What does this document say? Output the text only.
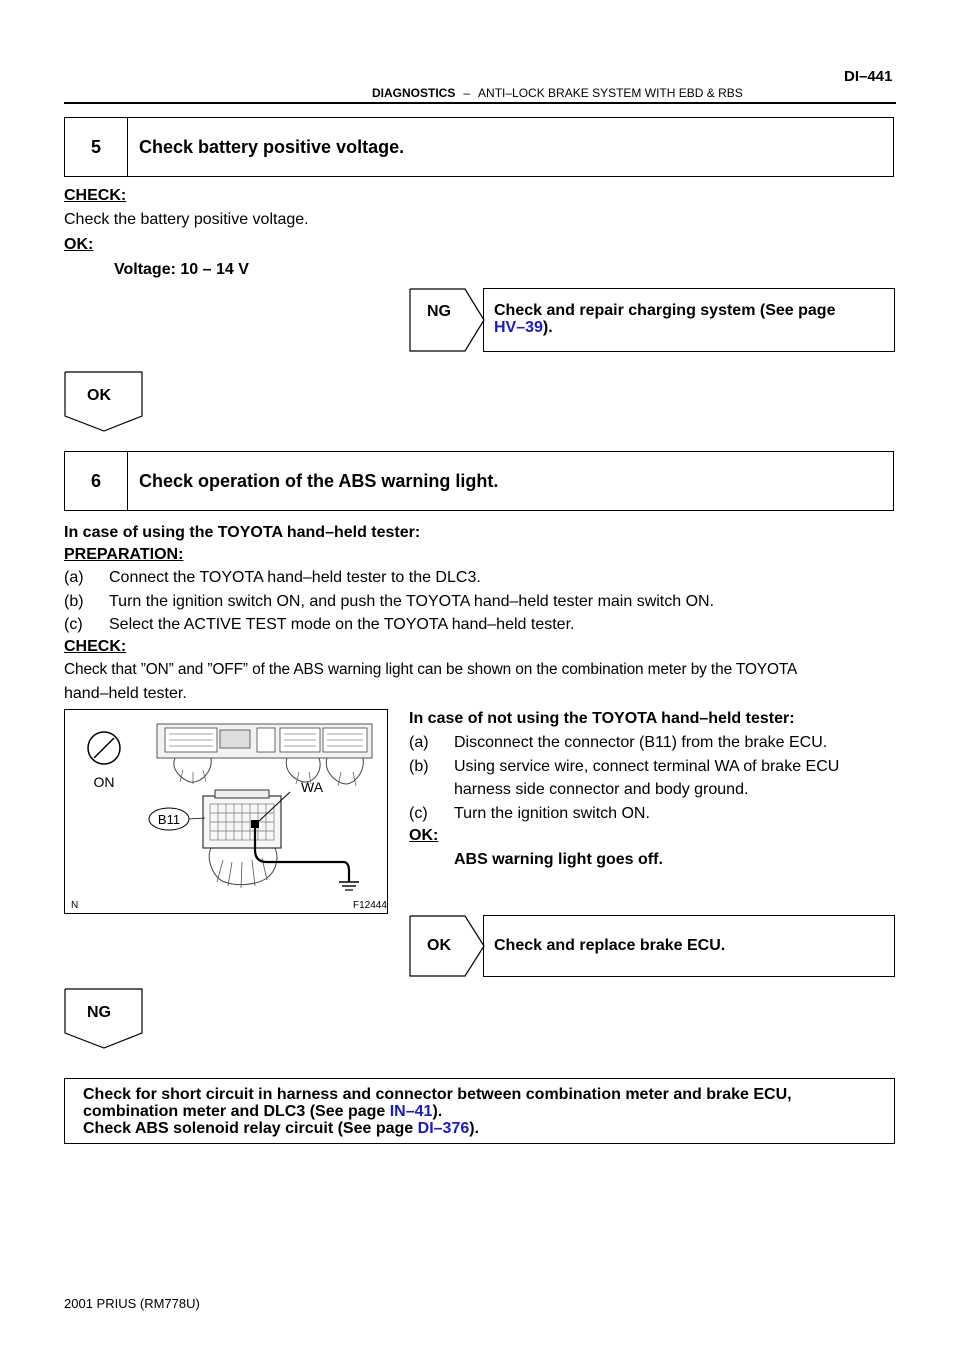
DI–441
DIAGNOSTICS – ANTI–LOCK BRAKE SYSTEM WITH EBD & RBS
5	Check battery positive voltage.
CHECK:
Check the battery positive voltage.
OK:
Voltage: 10 – 14 V
NG	Check and repair charging system (See page
HV–39).
OK
6	Check operation of the ABS warning light.
In case of using the TOYOTA hand–held tester:
PREPARATION:
(a) Connect the TOYOTA hand–held tester to the DLC3.
(b) Turn the ignition switch ON, and push the TOYOTA hand–held tester main switch ON.
(c) Select the ACTIVE TEST mode on the TOYOTA hand–held tester.
CHECK:
Check that ”ON” and ”OFF” of the ABS warning light can be shown on the combination meter by the TOYOTA
hand–held tester.
N
ON
B11
WA
F12444
In case of not using the TOYOTA hand–held tester:
(a) Disconnect the connector (B11) from the brake ECU.
(b) Using service wire, connect terminal WA of brake ECU
harness side connector and body ground.
(c) Turn the ignition switch ON.
OK:
ABS warning light goes off.
OK	Check and replace brake ECU.
NG
Check for short circuit in harness and connector between combination meter and brake ECU,
combination meter and DLC3 (See page IN–41).
Check ABS solenoid relay circuit (See page DI–376).
2001 PRIUS (RM778U)
